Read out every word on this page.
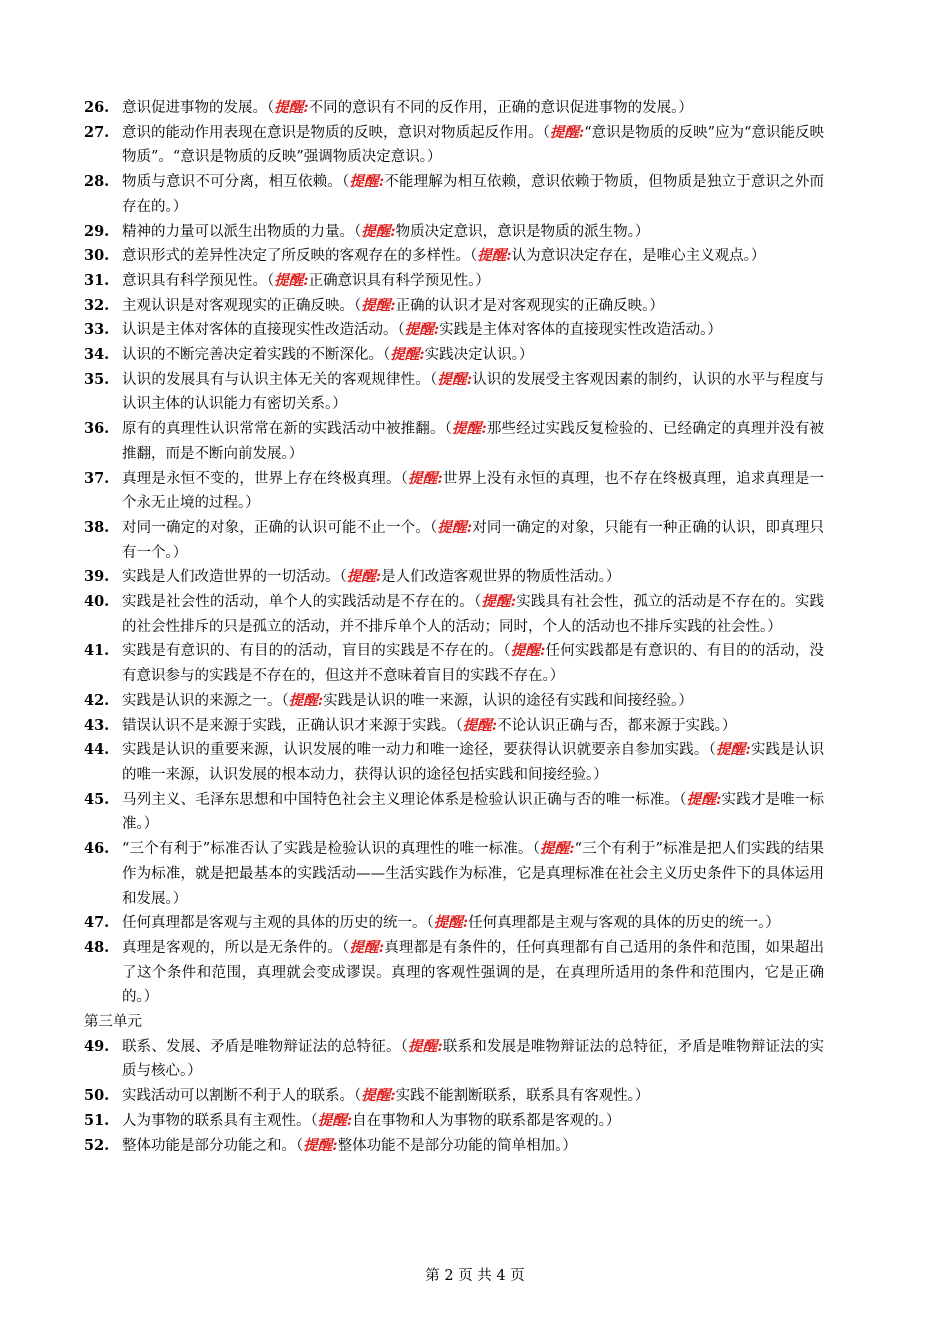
26. 意识促进事物的发展。（提醒:不同的意识有不同的反作用，正确的意识促进事物的发展。）
27. 意识的能动作用表现在意识是物质的反映，意识对物质起反作用。（提醒:“意识是物质的反映”应为“意识能反映物质”。“意识是物质的反映”强调物质决定意识。）
28. 物质与意识不可分离，相互依赖。（提醒:不能理解为相互依赖，意识依赖于物质，但物质是独立于意识之外而存在的。）
29. 精神的力量可以派生出物质的力量。（提醒:物质决定意识，意识是物质的派生物。）
30. 意识形式的差异性决定了所反映的客观存在的多样性。（提醒:认为意识决定存在，是唯心主义观点。）
31. 意识具有科学预见性。（提醒:正确意识具有科学预见性。）
32. 主观认识是对客观现实的正确反映。（提醒:正确的认识才是对客观现实的正确反映。）
33. 认识是主体对客体的直接现实性改造活动。（提醒:实践是主体对客体的直接现实性改造活动。）
34. 认识的不断完善决定着实践的不断深化。（提醒:实践决定认识。）
35. 认识的发展具有与认识主体无关的客观规律性。（提醒:认识的发展受主客观因素的制约，认识的水平与程度与认识主体的认识能力有密切关系。）
36. 原有的真理性认识常常在新的实践活动中被推翻。（提醒:那些经过实践反复检验的、已经确定的真理并没有被推翻，而是不断向前发展。）
37. 真理是永恒不变的，世界上存在终极真理。（提醒:世界上没有永恒的真理，也不存在终极真理，追求真理是一个永无止境的过程。）
38. 对同一确定的对象，正确的认识可能不止一个。（提醒:对同一确定的对象，只能有一种正确的认识，即真理只有一个。）
39. 实践是人们改造世界的一切活动。（提醒:是人们改造客观世界的物质性活动。）
40. 实践是社会性的活动，单个人的实践活动是不存在的。（提醒:实践具有社会性，孤立的活动是不存在的。实践的社会性排斥的只是孤立的活动，并不排斥单个人的活动；同时，个人的活动也不排斥实践的社会性。）
41. 实践是有意识的、有目的的活动，盲目的实践是不存在的。（提醒:任何实践都是有意识的、有目的的活动，没有意识参与的实践是不存在的，但这并不意味着盲目的实践不存在。）
42. 实践是认识的来源之一。（提醒:实践是认识的唯一来源，认识的途径有实践和间接经验。）
43. 错误认识不是来源于实践，正确认识才来源于实践。（提醒:不论认识正确与否，都来源于实践。）
44. 实践是认识的重要来源，认识发展的唯一动力和唯一途径，要获得认识就要亲自参加实践。（提醒:实践是认识的唯一来源，认识发展的根本动力，获得认识的途径包括实践和间接经验。）
45. 马列主义、毛泽东思想和中国特色社会主义理论体系是检验认识正确与否的唯一标准。（提醒:实践才是唯一标准。）
46. “三个有利于”标准否认了实践是检验认识的真理性的唯一标准。（提醒:“三个有利于”标准是把人们实践的结果作为标准，就是把最基本的实践活动——生活实践作为标准，它是真理标准在社会主义历史条件下的具体运用和发展。）
47. 任何真理都是客观与主观的具体的历史的统一。（提醒:任何真理都是主观与客观的具体的历史的统一。）
48. 真理是客观的，所以是无条件的。（提醒:真理都是有条件的，任何真理都有自己适用的条件和范围，如果超出了这个条件和范围，真理就会变成谬误。真理的客观性强调的是，在真理所适用的条件和范围内，它是正确的。）
第三单元
49. 联系、发展、矛盾是唯物辩证法的总特征。（提醒:联系和发展是唯物辩证法的总特征，矛盾是唯物辩证法的实质与核心。）
50. 实践活动可以割断不利于人的联系。（提醒:实践不能割断联系，联系具有客观性。）
51. 人为事物的联系具有主观性。（提醒:自在事物和人为事物的联系都是客观的。）
52. 整体功能是部分功能之和。（提醒:整体功能不是部分功能的简单相加。）
第 2 页 共 4 页
